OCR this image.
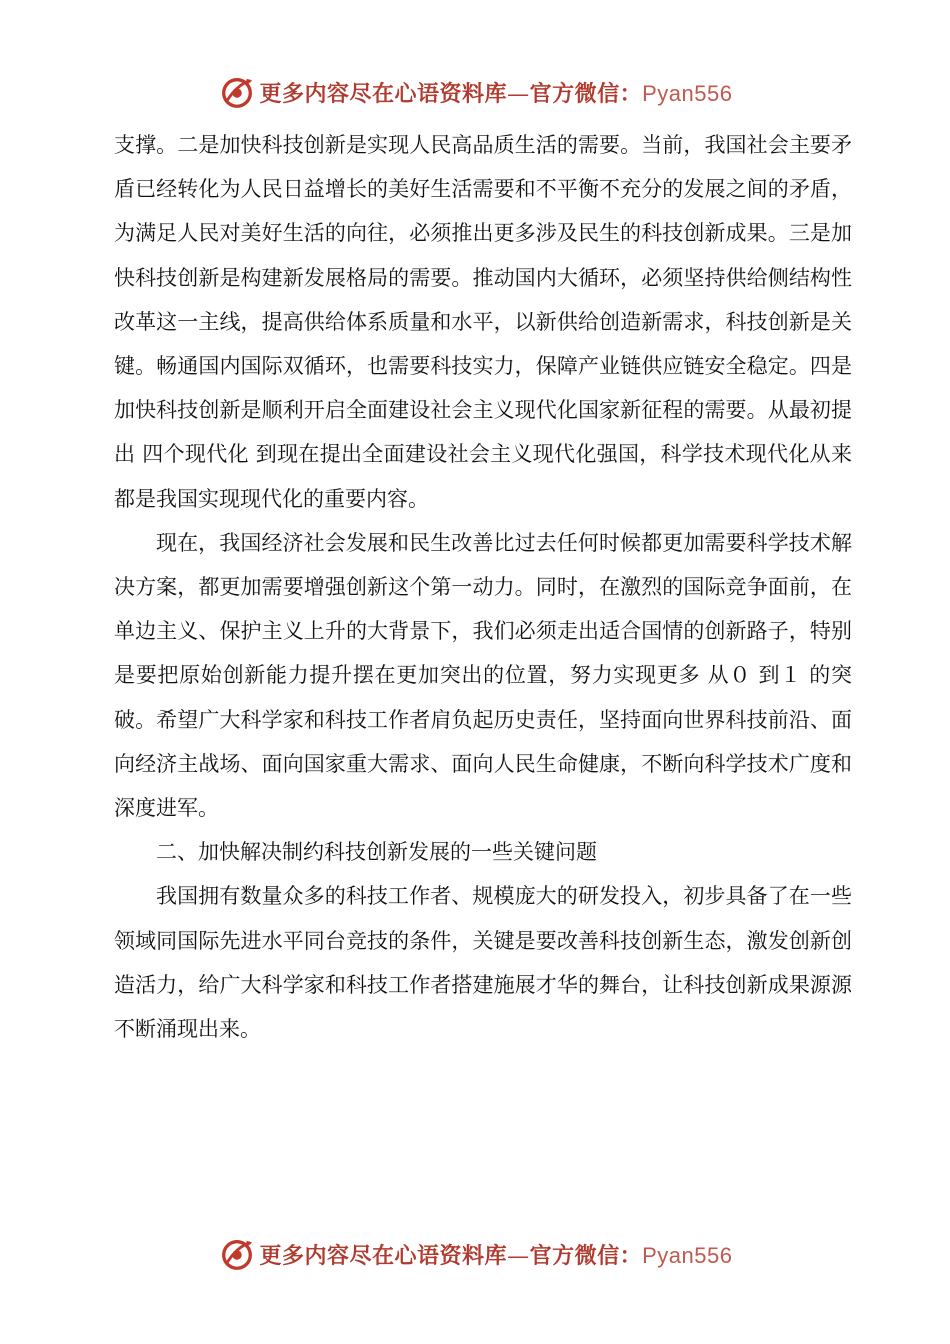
更多内容尽在心语资料库—官方微信：Pyan556

支撑。二是加快科技创新是实现人民高品质生活的需要。当前，我国社会主要矛盾已经转化为人民日益增长的美好生活需要和不平衡不充分的发展之间的矛盾，为满足人民对美好生活的向往，必须推出更多涉及民生的科技创新成果。三是加快科技创新是构建新发展格局的需要。推动国内大循环，必须坚持供给侧结构性改革这一主线，提高供给体系质量和水平，以新供给创造新需求，科技创新是关键。畅通国内国际双循环，也需要科技实力，保障产业链供应链安全稳定。四是加快科技创新是顺利开启全面建设社会主义现代化国家新征程的需要。从最初提出 四个现代化 到现在提出全面建设社会主义现代化强国，科学技术现代化从来都是我国实现现代化的重要内容。

现在，我国经济社会发展和民生改善比过去任何时候都更加需要科学技术解决方案，都更加需要增强创新这个第一动力。同时，在激烈的国际竞争面前，在单边主义、保护主义上升的大背景下，我们必须走出适合国情的创新路子，特别是要把原始创新能力提升摆在更加突出的位置，努力实现更多 从０ 到１ 的突破。希望广大科学家和科技工作者肩负起历史责任，坚持面向世界科技前沿、面向经济主战场、面向国家重大需求、面向人民生命健康，不断向科学技术广度和深度进军。

二、加快解决制约科技创新发展的一些关键问题

我国拥有数量众多的科技工作者、规模庞大的研发投入，初步具备了在一些领域同国际先进水平同台竞技的条件，关键是要改善科技创新生态，激发创新创造活力，给广大科学家和科技工作者搭建施展才华的舞台，让科技创新成果源源不断涌现出来。

更多内容尽在心语资料库—官方微信：Pyan556
